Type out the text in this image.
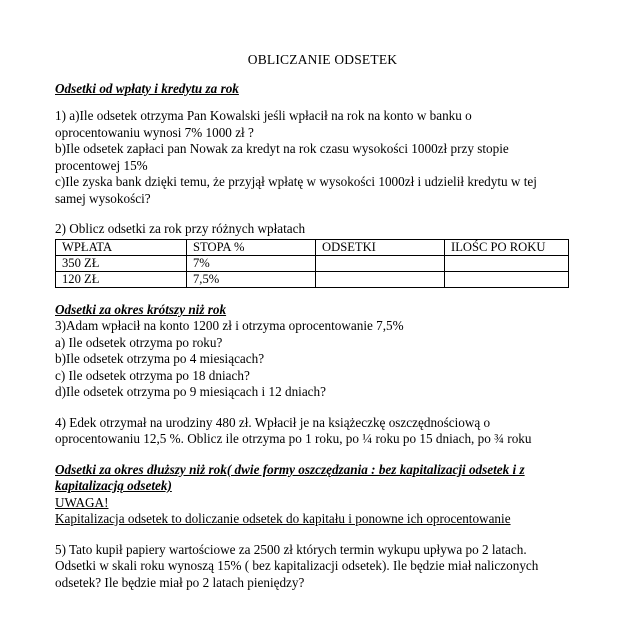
OBLICZANIE ODSETEK

Odsetki od wpłaty i kredytu za rok

1) a)Ile odsetek otrzyma Pan Kowalski jeśli wpłacił na rok na konto w banku o

oprocentowaniu wynosi 7% 1000 zł ?

b)Ile odsetek zapłaci pan Nowak za kredyt na rok czasu wysokości 1000zł przy stopie

procentowej 15%

c)Ile zyska bank dzięki temu, że przyjął wpłatę w wysokości 1000zł i udzielił kredytu w tej

samej wysokości?

2) Oblicz odsetki za rok przy różnych wpłatach

WPŁATA	STOPA %	ODSETKI	ILOŚC PO ROKU
350 ZŁ	7%		
120 ZŁ	7,5%		

Odsetki za okres krótszy niż rok

3)Adam wpłacił na konto 1200 zł i otrzyma oprocentowanie 7,5%

a) Ile odsetek otrzyma po roku?

b)Ile odsetek otrzyma po 4 miesiącach?

c) Ile odsetek otrzyma po 18 dniach?

d)Ile odsetek otrzyma po 9 miesiącach i 12 dniach?

4) Edek otrzymał na urodziny 480 zł. Wpłacił je na książeczkę oszczędnościową o

oprocentowaniu 12,5 %. Oblicz ile otrzyma po 1 roku, po ¼ roku po 15 dniach, po ¾ roku

Odsetki za okres dłuższy niż rok( dwie formy oszczędzania : bez kapitalizacji odsetek i z

kapitalizacją odsetek)

UWAGA!

Kapitalizacja odsetek to doliczanie odsetek do kapitału i ponowne ich oprocentowanie

5) Tato kupił papiery wartościowe za 2500 zł których termin wykupu upływa po 2 latach.

Odsetki w skali roku wynoszą 15% ( bez kapitalizacji odsetek). Ile będzie miał naliczonych

odsetek? Ile będzie miał po 2 latach pieniędzy?
